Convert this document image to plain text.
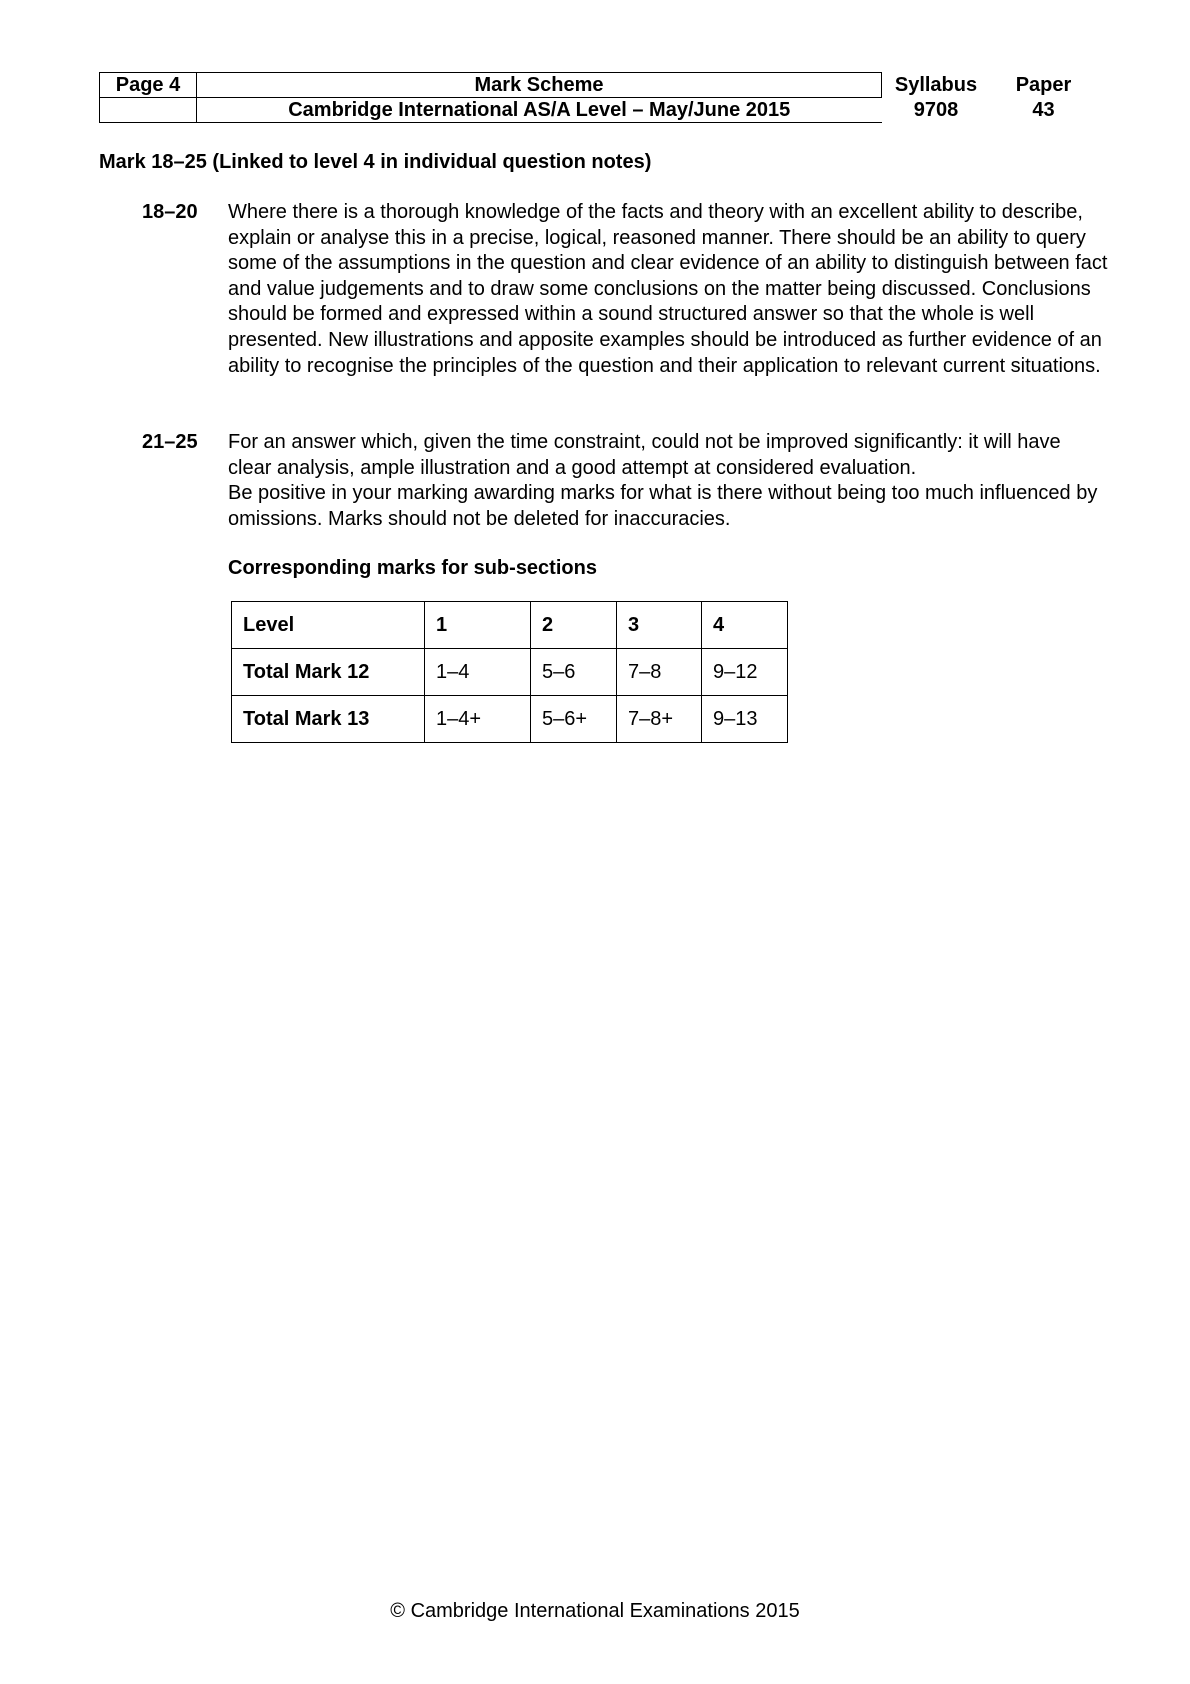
Page 4	Mark Scheme	Syllabus	Paper
	Cambridge International AS/A Level – May/June 2015	9708	43
Mark 18–25 (Linked to level 4 in individual question notes)
18–20 Where there is a thorough knowledge of the facts and theory with an excellent ability to describe, explain or analyse this in a precise, logical, reasoned manner. There should be an ability to query some of the assumptions in the question and clear evidence of an ability to distinguish between fact and value judgements and to draw some conclusions on the matter being discussed. Conclusions should be formed and expressed within a sound structured answer so that the whole is well presented. New illustrations and apposite examples should be introduced as further evidence of an ability to recognise the principles of the question and their application to relevant current situations.

21–25 For an answer which, given the time constraint, could not be improved significantly: it will have clear analysis, ample illustration and a good attempt at considered evaluation.

Be positive in your marking awarding marks for what is there without being too much influenced by omissions. Marks should not be deleted for inaccuracies.

Corresponding marks for sub-sections
Level	1	2	3	4
Total Mark 12	1–4	5–6	7–8	9–12
Total Mark 13	1–4+	5–6+	7–8+	9–13
© Cambridge International Examinations 2015
